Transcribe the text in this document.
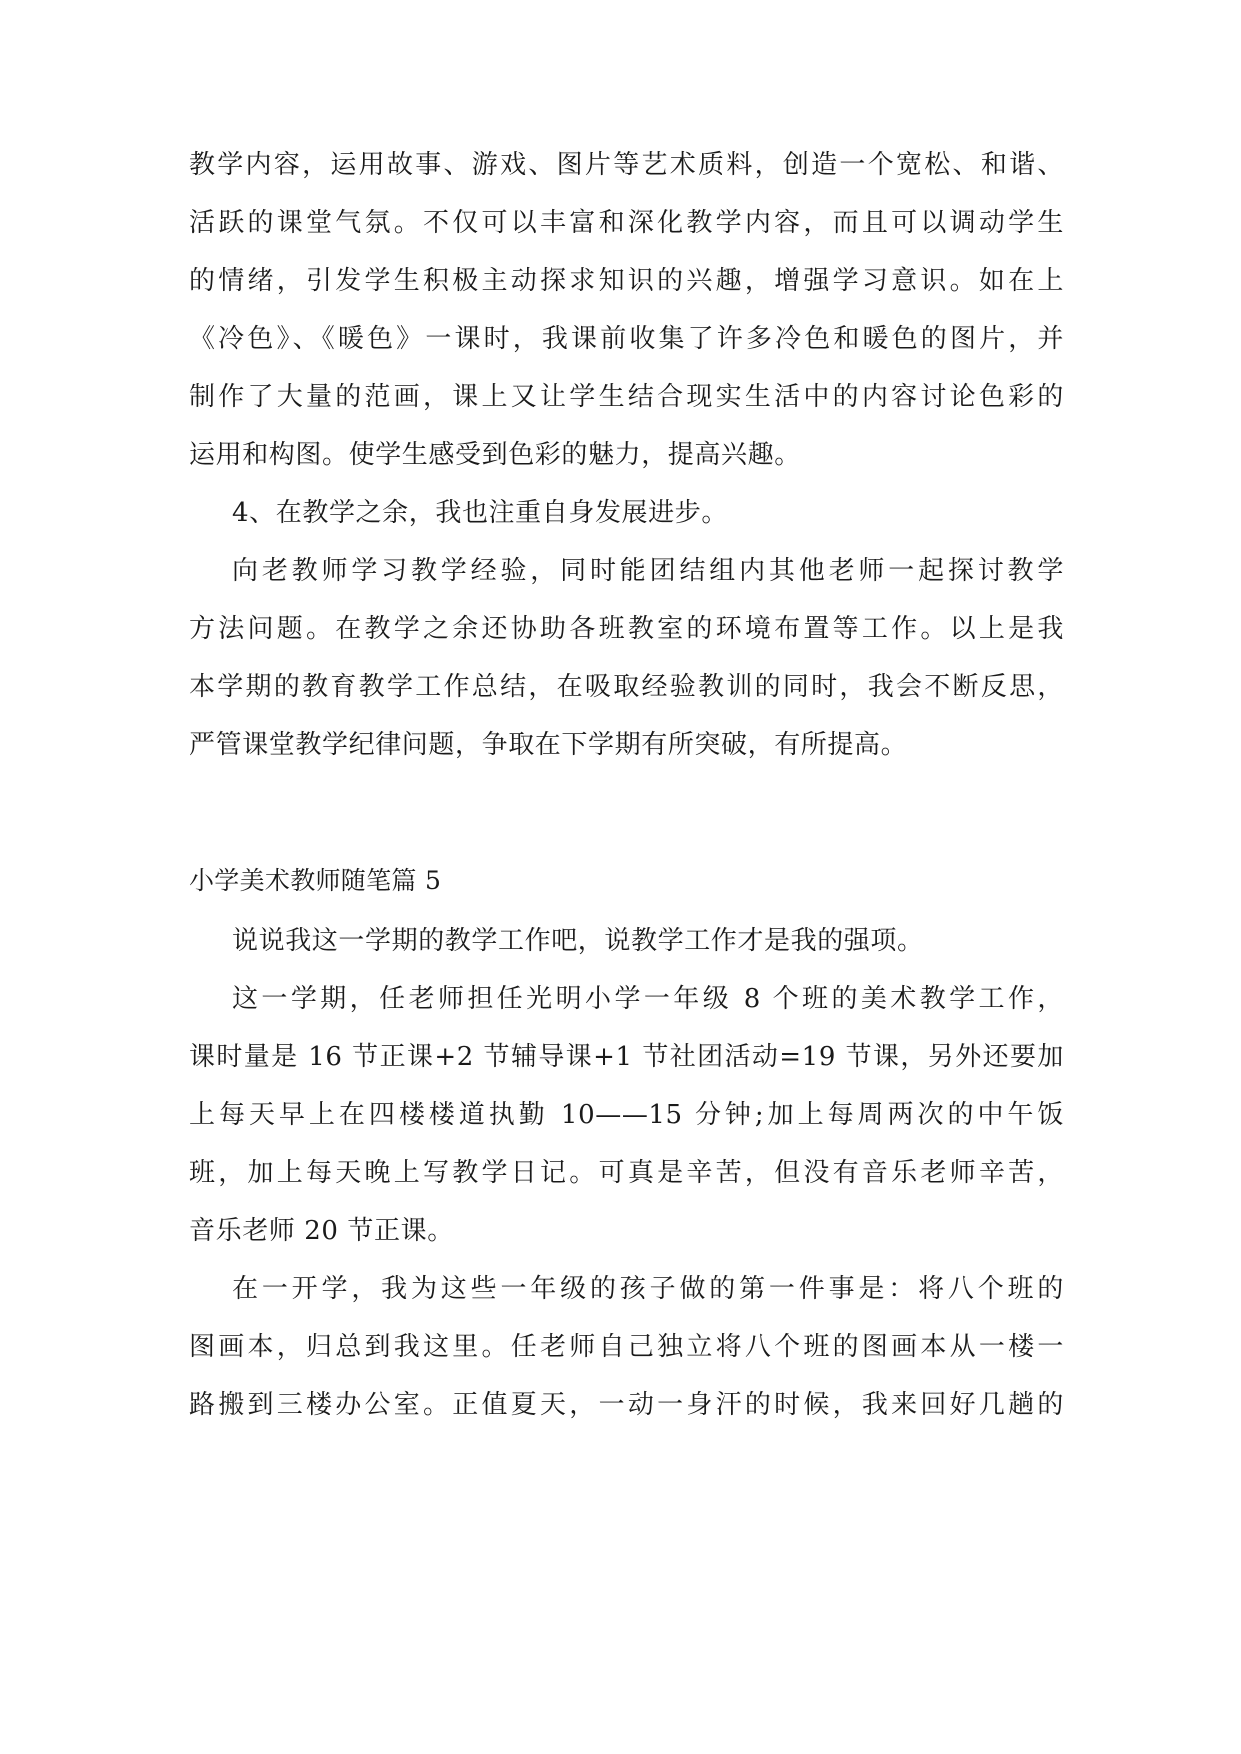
教学内容，运用故事、游戏、图片等艺术质料，创造一个宽松、和谐、
活跃的课堂气氛。不仅可以丰富和深化教学内容，而且可以调动学生
的情绪，引发学生积极主动探求知识的兴趣，增强学习意识。如在上
《冷色》、《暖色》一课时，我课前收集了许多冷色和暖色的图片，并
制作了大量的范画，课上又让学生结合现实生活中的内容讨论色彩的
运用和构图。使学生感受到色彩的魅力，提高兴趣。
4、在教学之余，我也注重自身发展进步。
向老教师学习教学经验，同时能团结组内其他老师一起探讨教学
方法问题。在教学之余还协助各班教室的环境布置等工作。以上是我
本学期的教育教学工作总结，在吸取经验教训的同时，我会不断反思，
严管课堂教学纪律问题，争取在下学期有所突破，有所提高。
小学美术教师随笔篇 5
说说我这一学期的教学工作吧，说教学工作才是我的强项。
这一学期，任老师担任光明小学一年级 8 个班的美术教学工作，
课时量是 16 节正课+2 节辅导课+1 节社团活动=19 节课，另外还要加
上每天早上在四楼楼道执勤 10——15 分钟;加上每周两次的中午饭
班，加上每天晚上写教学日记。可真是辛苦，但没有音乐老师辛苦，
音乐老师 20 节正课。
在一开学，我为这些一年级的孩子做的第一件事是：将八个班的
图画本，归总到我这里。任老师自己独立将八个班的图画本从一楼一
路搬到三楼办公室。正值夏天，一动一身汗的时候，我来回好几趟的
